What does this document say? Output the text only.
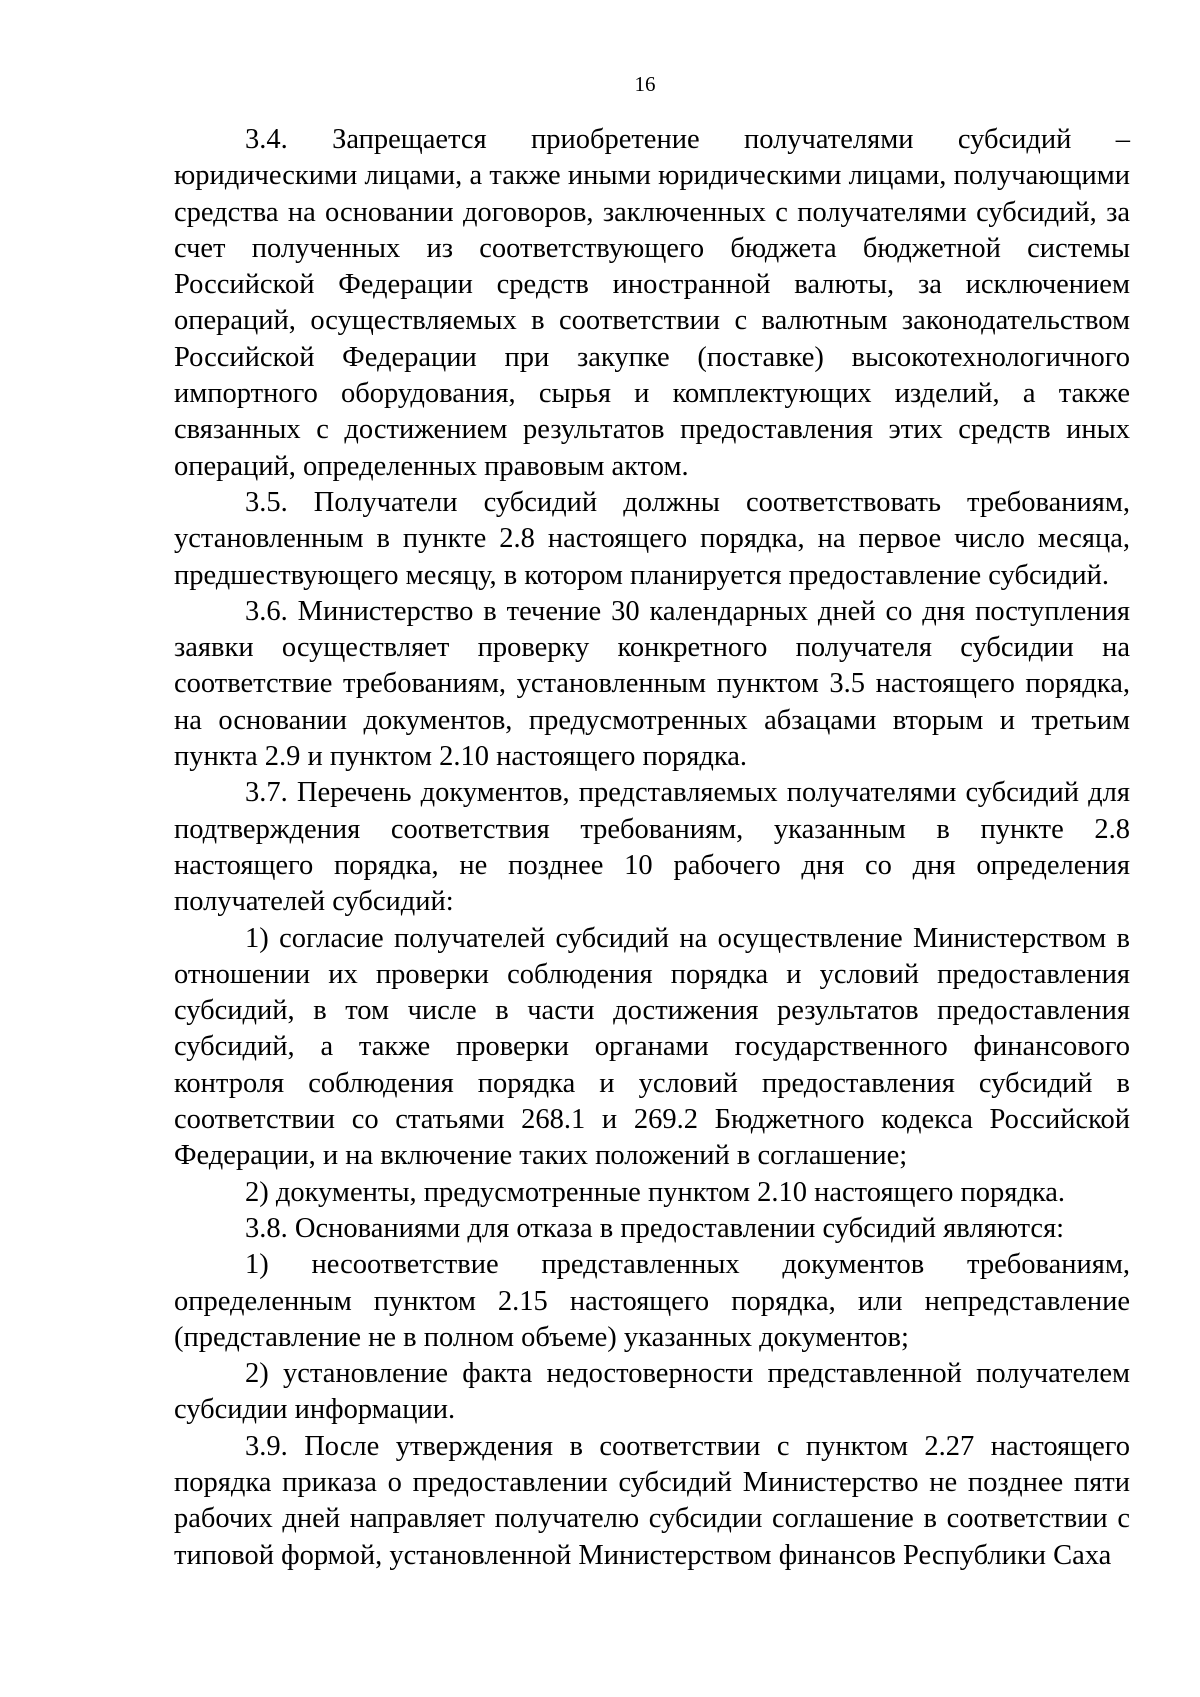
16

3.4. Запрещается приобретение получателями субсидий – юридическими лицами, а также иными юридическими лицами, получающими средства на основании договоров, заключенных с получателями субсидий, за счет полученных из соответствующего бюджета бюджетной системы Российской Федерации средств иностранной валюты, за исключением операций, осуществляемых в соответствии с валютным законодательством Российской Федерации при закупке (поставке) высокотехнологичного импортного оборудования, сырья и комплектующих изделий, а также связанных с достижением результатов предоставления этих средств иных операций, определенных правовым актом.

3.5. Получатели субсидий должны соответствовать требованиям, установленным в пункте 2.8 настоящего порядка, на первое число месяца, предшествующего месяцу, в котором планируется предоставление субсидий.

3.6. Министерство в течение 30 календарных дней со дня поступления заявки осуществляет проверку конкретного получателя субсидии на соответствие требованиям, установленным пунктом 3.5 настоящего порядка, на основании документов, предусмотренных абзацами вторым и третьим пункта 2.9 и пунктом 2.10 настоящего порядка.

3.7. Перечень документов, представляемых получателями субсидий для подтверждения соответствия требованиям, указанным в пункте 2.8 настоящего порядка, не позднее 10 рабочего дня со дня определения получателей субсидий:

1) согласие получателей субсидий на осуществление Министерством в отношении их проверки соблюдения порядка и условий предоставления субсидий, в том числе в части достижения результатов предоставления субсидий, а также проверки органами государственного финансового контроля соблюдения порядка и условий предоставления субсидий в соответствии со статьями 268.1 и 269.2 Бюджетного кодекса Российской Федерации, и на включение таких положений в соглашение;

2) документы, предусмотренные пунктом 2.10 настоящего порядка.

3.8. Основаниями для отказа в предоставлении субсидий являются:

1) несоответствие представленных документов требованиям, определенным пунктом 2.15 настоящего порядка, или непредставление (представление не в полном объеме) указанных документов;

2) установление факта недостоверности представленной получателем субсидии информации.

3.9. После утверждения в соответствии с пунктом 2.27 настоящего порядка приказа о предоставлении субсидий Министерство не позднее пяти рабочих дней направляет получателю субсидии соглашение в соответствии с типовой формой, установленной Министерством финансов Республики Саха
